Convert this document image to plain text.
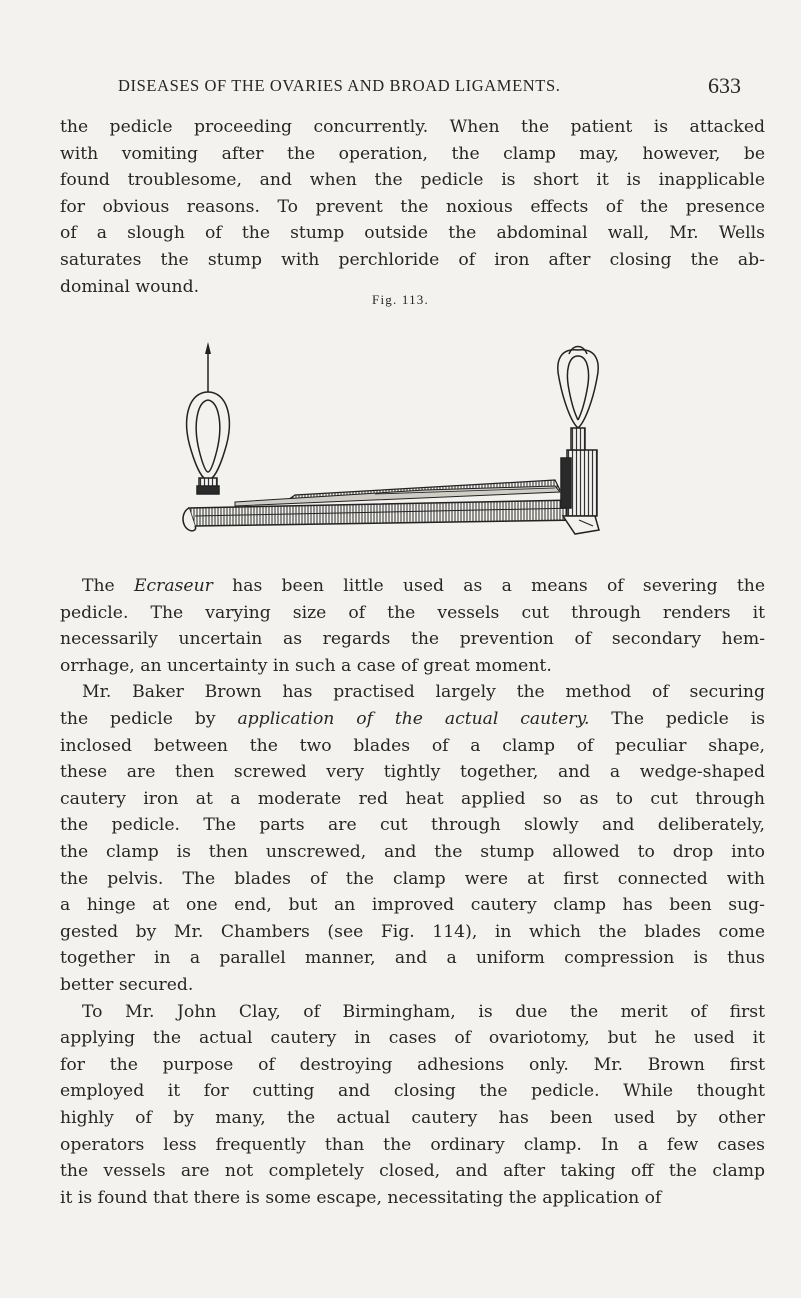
DISEASES OF THE OVARIES AND BROAD LIGAMENTS.	633

the pedicle proceeding concurrently. When the patient is attacked
with vomiting after the operation, the clamp may, however, be
found troublesome, and when the pedicle is short it is inapplicable
for obvious reasons. To prevent the noxious effects of the presence
of a slough of the stump outside the abdominal wall, Mr. Wells
saturates the stump with perchloride of iron after closing the ab-
dominal wound.

Fig. 113.

The Ecraseur has been little used as a means of severing the
pedicle. The varying size of the vessels cut through renders it
necessarily uncertain as regards the prevention of secondary hem-
orrhage, an uncertainty in such a case of great moment.

Mr. Baker Brown has practised largely the method of securing
the pedicle by application of the actual cautery. The pedicle is
inclosed between the two blades of a clamp of peculiar shape,
these are then screwed very tightly together, and a wedge-shaped
cautery iron at a moderate red heat applied so as to cut through
the pedicle. The parts are cut through slowly and deliberately,
the clamp is then unscrewed, and the stump allowed to drop into
the pelvis. The blades of the clamp were at first connected with
a hinge at one end, but an improved cautery clamp has been sug-
gested by Mr. Chambers (see Fig. 114), in which the blades come
together in a parallel manner, and a uniform compression is thus
better secured.

To Mr. John Clay, of Birmingham, is due the merit of first
applying the actual cautery in cases of ovariotomy, but he used it
for the purpose of destroying adhesions only. Mr. Brown first
employed it for cutting and closing the pedicle. While thought
highly of by many, the actual cautery has been used by other
operators less frequently than the ordinary clamp. In a few cases
the vessels are not completely closed, and after taking off the clamp
it is found that there is some escape, necessitating the application of
